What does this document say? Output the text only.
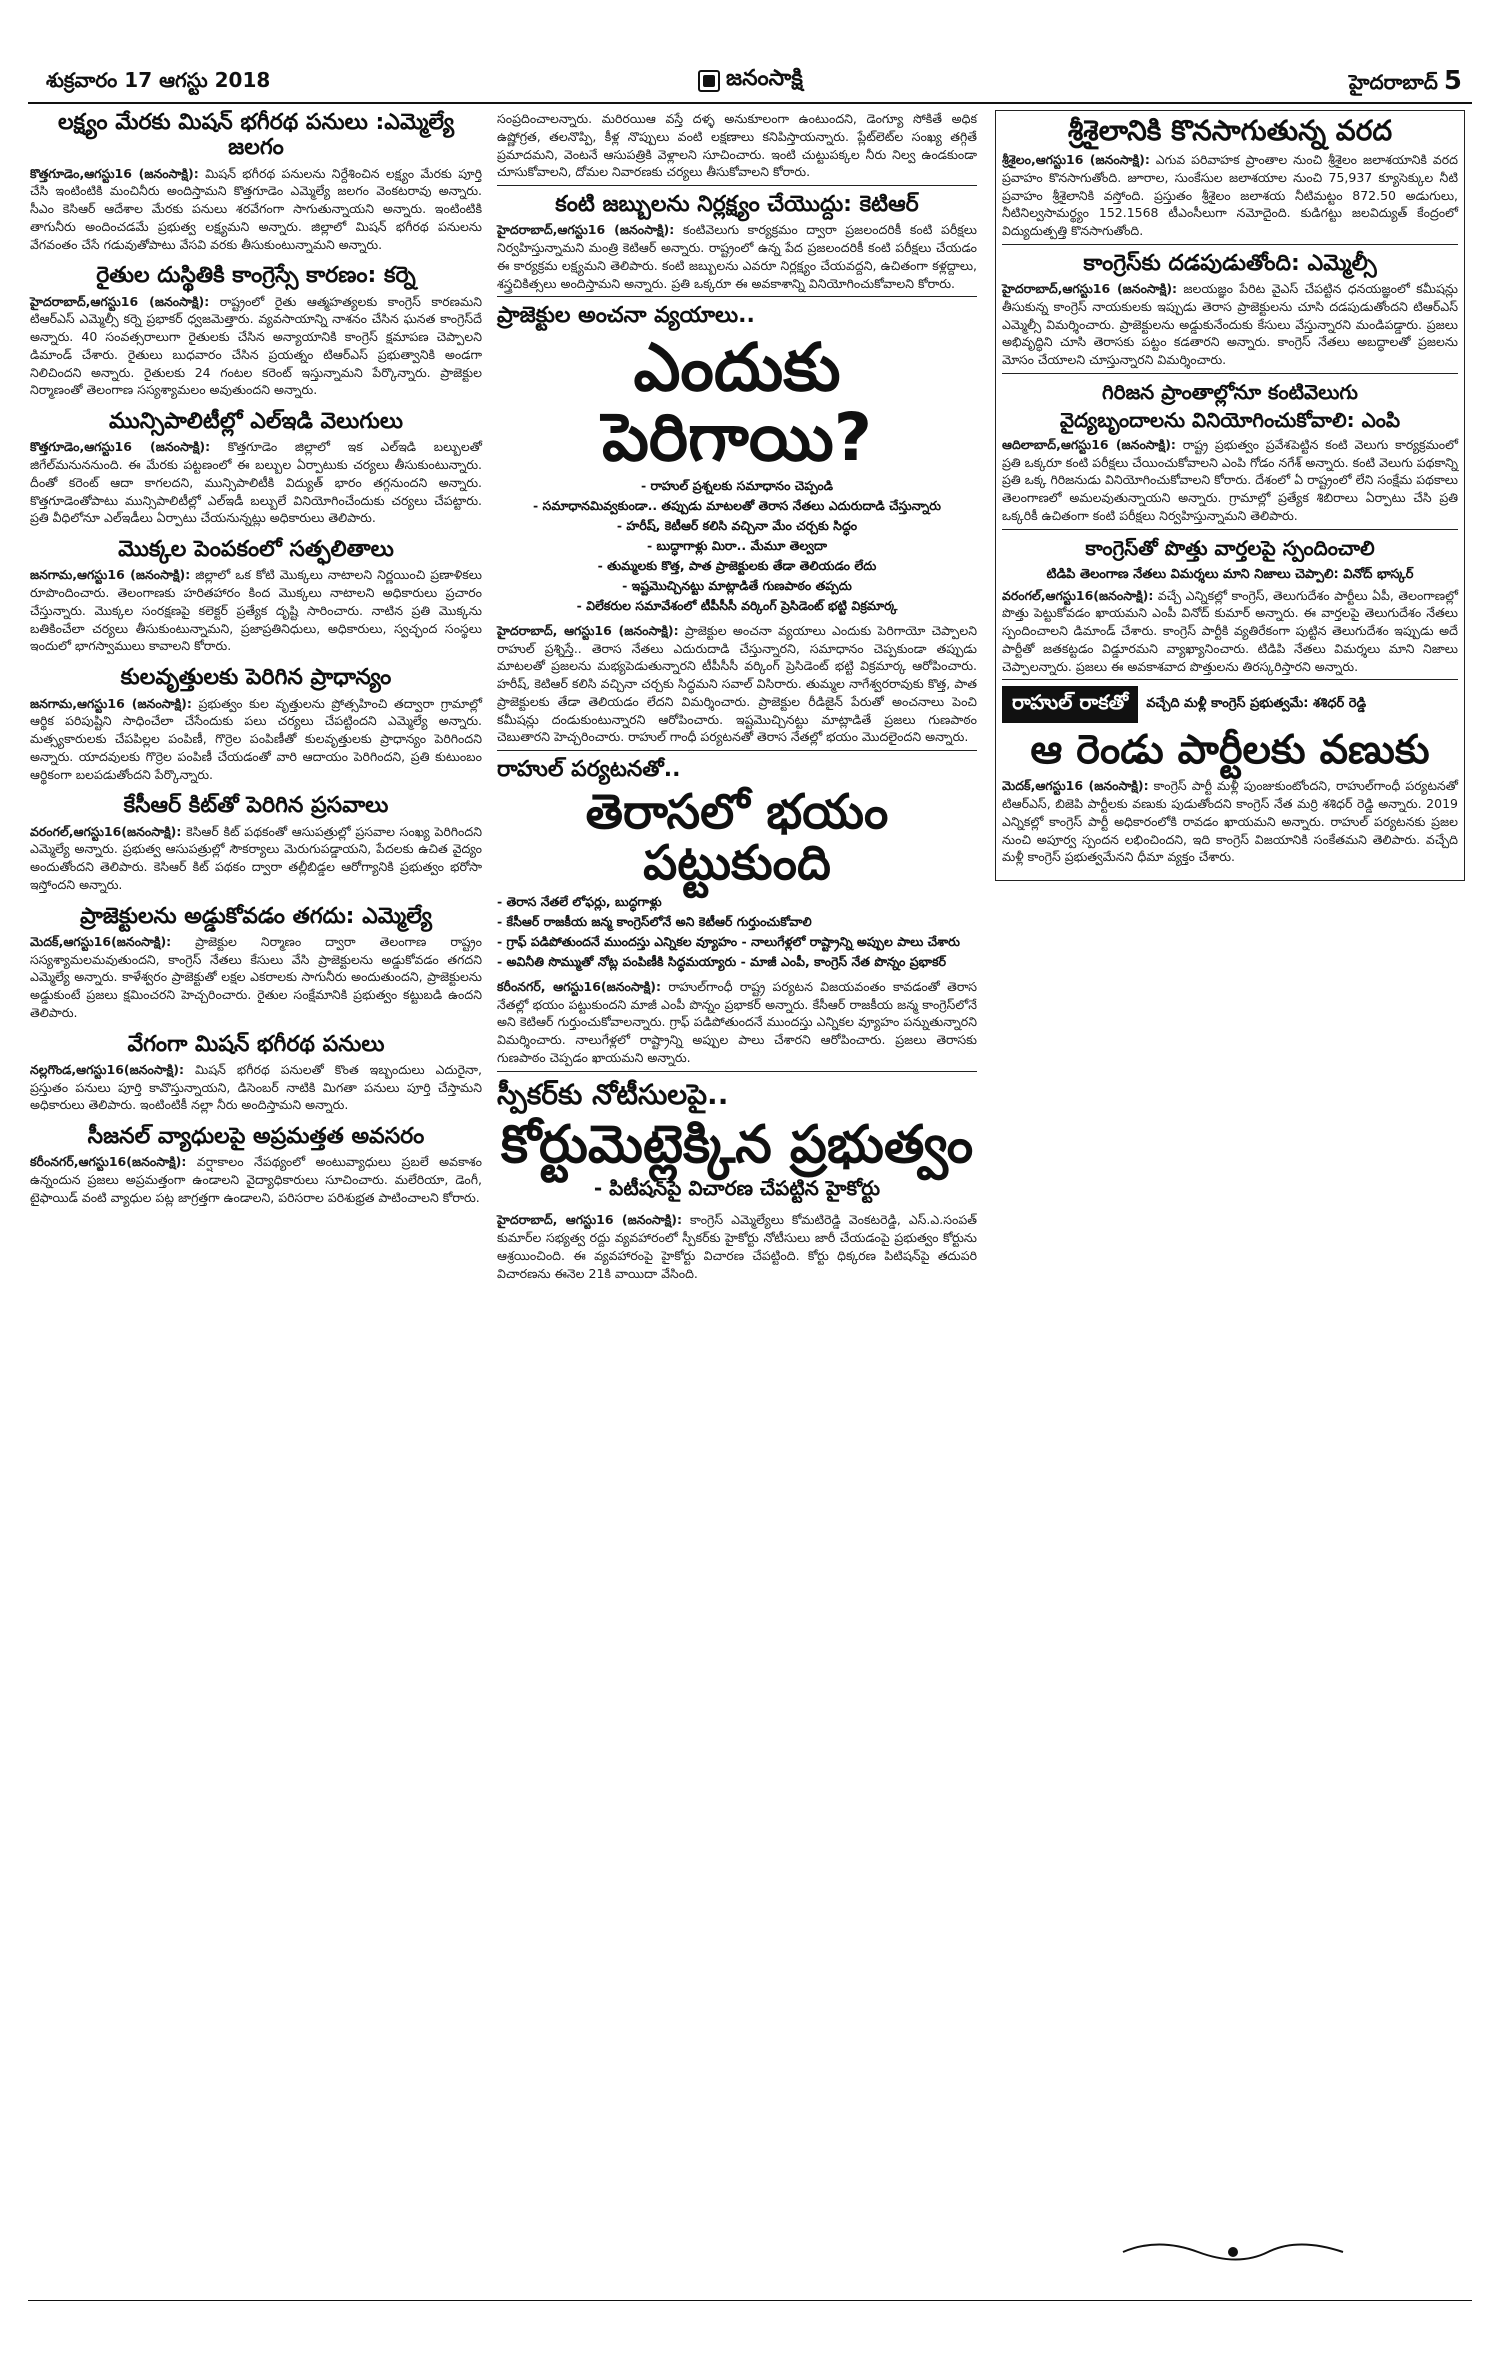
శుక్రవారం 17 ఆగస్టు 2018	జనంసాక్షి	హైదరాబాద్ 5
లక్ష్యం మేరకు మిషన్‌ భగీరథ పనులు :ఎమ్మెల్యే జలగం
కొత్తగూడెం,ఆగస్టు16 (జనంసాక్షి): మిషన్‌ భగీరథ పనులను నిర్దేశించిన లక్ష్యం మేరకు పూర్తి చేసి ఇంటింటికి మంచినీరు అందిస్తామని కొత్తగూడెం ఎమ్మెల్యే జలగం వెంకటరావు అన్నారు. సీఎం కెసిఆర్‌ ఆదేశాల మేరకు పనులు శరవేగంగా సాగుతున్నాయని అన్నారు. ఇంటింటికి తాగునీరు అందించడమే ప్రభుత్వ లక్ష్యమని అన్నారు. జిల్లాలో మిషన్‌ భగీరథ పనులను వేగవంతం చేసే గడువుతోపాటు వేసవి వరకు తీసుకుంటున్నామని అన్నారు.
రైతుల దుస్థితికి కాంగ్రెస్సే కారణం: కర్నె
హైదరాబాద్‌,ఆగస్టు16 (జనంసాక్షి): రాష్ట్రంలో రైతు ఆత్మహత్యలకు కాంగ్రెస్‌ కారణమని టిఆర్‌ఎస్‌ ఎమ్మెల్సీ కర్నె ప్రభాకర్‌ ధ్వజమెత్తారు. వ్యవసాయాన్ని నాశనం చేసిన ఘనత కాంగ్రెస్‌దే అన్నారు. 40 సంవత్సరాలుగా రైతులకు చేసిన అన్యాయానికి కాంగ్రెస్‌ క్షమాపణ చెప్పాలని డిమాండ్‌ చేశారు. రైతులు బుధవారం చేసిన ప్రయత్నం టిఆర్‌ఎస్‌ ప్రభుత్వానికి అండగా నిలిచిందని అన్నారు. రైతులకు 24 గంటల కరెంట్‌ ఇస్తున్నామని పేర్కొన్నారు. ప్రాజెక్టుల నిర్మాణంతో తెలంగాణ సస్యశ్యామలం అవుతుందని అన్నారు.
మున్సిపాలిటీల్లో ఎల్‌ఇడి వెలుగులు
కొత్తగూడెం,ఆగస్టు16 (జనంసాక్షి): కొత్తగూడెం జిల్లాలో ఇక ఎల్‌ఇడి బల్బులతో జిగేల్‌మనుననుంది. ఈ మేరకు పట్టణంలో ఈ బల్బుల ఏర్పాటుకు చర్యలు తీసుకుంటున్నారు. దీంతో కరెంట్‌ ఆదా కాగలదని, మున్సిపాలిటీకి విద్యుత్‌ భారం తగ్గనుందని అన్నారు. కొత్తగూడెంతోపాటు మున్సిపాలిటీల్లో ఎల్‌ఇడీ బల్బులే వినియోగించేందుకు చర్యలు చేపట్టారు. ప్రతి వీధిలోనూ ఎల్‌ఇడీలు ఏర్పాటు చేయనున్నట్లు అధికారులు తెలిపారు.
మొక్కల పెంపకంలో సత్ఫలితాలు
జనగామ,ఆగస్టు16 (జనంసాక్షి): జిల్లాలో ఒక కోటి మొక్కలు నాటాలని నిర్ణయించి ప్రణాళికలు రూపొందించారు. తెలంగాణకు హరితహారం కింద మొక్కలు నాటాలని అధికారులు ప్రచారం చేస్తున్నారు. మొక్కల సంరక్షణపై కలెక్టర్‌ ప్రత్యేక దృష్టి సారించారు. నాటిన ప్రతి మొక్కను బతికించేలా చర్యలు తీసుకుంటున్నామని, ప్రజాప్రతినిధులు, అధికారులు, స్వచ్ఛంద సంస్థలు ఇందులో భాగస్వాములు కావాలని కోరారు.
కులవృత్తులకు పెరిగిన ప్రాధాన్యం
జనగామ,ఆగస్టు16 (జనంసాక్షి): ప్రభుత్వం కుల వృత్తులను ప్రోత్సహించి తద్వారా గ్రామాల్లో ఆర్థిక పరిపుష్టిని సాధించేలా చేసేందుకు పలు చర్యలు చేపట్టిందని ఎమ్మెల్యే అన్నారు. మత్స్యకారులకు చేపపిల్లల పంపిణీ, గొర్రెల పంపిణీతో కులవృత్తులకు ప్రాధాన్యం పెరిగిందని అన్నారు. యాదవులకు గొర్రెల పంపిణీ చేయడంతో వారి ఆదాయం పెరిగిందని, ప్రతి కుటుంబం ఆర్థికంగా బలపడుతోందని పేర్కొన్నారు.
కేసీఆర్‌ కిట్‌తో పెరిగిన ప్రసవాలు
వరంగల్‌,ఆగస్టు16(జనంసాక్షి): కెసిఆర్‌ కిట్‌ పథకంతో ఆసుపత్రుల్లో ప్రసవాల సంఖ్య పెరిగిందని ఎమ్మెల్యే అన్నారు. ప్రభుత్వ ఆసుపత్రుల్లో సౌకర్యాలు మెరుగుపడ్డాయని, పేదలకు ఉచిత వైద్యం అందుతోందని తెలిపారు. కెసిఆర్‌ కిట్‌ పథకం ద్వారా తల్లీబిడ్డల ఆరోగ్యానికి ప్రభుత్వం భరోసా ఇస్తోందని అన్నారు.
ప్రాజెక్టులను అడ్డుకోవడం తగదు: ఎమ్మెల్యే
మెదక్‌,ఆగస్టు16(జనంసాక్షి): ప్రాజెక్టుల నిర్మాణం ద్వారా తెలంగాణ రాష్ట్రం సస్యశ్యామలమవుతుందని, కాంగ్రెస్‌ నేతలు కేసులు వేసి ప్రాజెక్టులను అడ్డుకోవడం తగదని ఎమ్మెల్యే అన్నారు. కాళేశ్వరం ప్రాజెక్టుతో లక్షల ఎకరాలకు సాగునీరు అందుతుందని, ప్రాజెక్టులను అడ్డుకుంటే ప్రజలు క్షమించరని హెచ్చరించారు. రైతుల సంక్షేమానికి ప్రభుత్వం కట్టుబడి ఉందని తెలిపారు.
వేగంగా మిషన్‌ భగీరథ పనులు
నల్లగొండ,ఆగస్టు16(జనంసాక్షి): మిషన్‌ భగీరథ పనులతో కొంత ఇబ్బందులు ఎదురైనా, ప్రస్తుతం పనులు పూర్తి కావొస్తున్నాయని, డిసెంబర్‌ నాటికి మిగతా పనులు పూర్తి చేస్తామని అధికారులు తెలిపారు. ఇంటింటికీ నల్లా నీరు అందిస్తామని అన్నారు.
సీజనల్‌ వ్యాధులపై అప్రమత్తత అవసరం
కరీంనగర్‌,ఆగస్టు16(జనంసాక్షి): వర్షాకాలం నేపథ్యంలో అంటువ్యాధులు ప్రబలే అవకాశం ఉన్నందున ప్రజలు అప్రమత్తంగా ఉండాలని వైద్యాధికారులు సూచించారు. మలేరియా, డెంగీ, టైఫాయిడ్‌ వంటి వ్యాధుల పట్ల జాగ్రత్తగా ఉండాలని, పరిసరాల పరిశుభ్రత పాటించాలని కోరారు.
సంప్రదించాలన్నారు. మరిరయిఆ వస్తే దళ్ళ అనుకూలంగా ఉంటుందని, డెంగ్యూ సోకితే అధిక ఉష్ణోగ్రత, తలనొప్పి, కీళ్ల నొప్పులు వంటి లక్షణాలు కనిపిస్తాయన్నారు. ప్లేట్‌లెట్‌ల సంఖ్య తగ్గితే ప్రమాదమని, వెంటనే ఆసుపత్రికి వెళ్లాలని సూచించారు. ఇంటి చుట్టుపక్కల నీరు నిల్వ ఉండకుండా చూసుకోవాలని, దోమల నివారణకు చర్యలు తీసుకోవాలని కోరారు.
కంటి జబ్బులను నిర్లక్ష్యం చేయొద్దు: కెటిఆర్‌
హైదరాబాద్‌,ఆగస్టు16 (జనంసాక్షి): కంటివెలుగు కార్యక్రమం ద్వారా ప్రజలందరికీ కంటి పరీక్షలు నిర్వహిస్తున్నామని మంత్రి కెటిఆర్‌ అన్నారు. రాష్ట్రంలో ఉన్న పేద ప్రజలందరికీ కంటి పరీక్షలు చేయడం ఈ కార్యక్రమ లక్ష్యమని తెలిపారు. కంటి జబ్బులను ఎవరూ నిర్లక్ష్యం చేయవద్దని, ఉచితంగా కళ్లద్దాలు, శస్త్రచికిత్సలు అందిస్తామని అన్నారు. ప్రతి ఒక్కరూ ఈ అవకాశాన్ని వినియోగించుకోవాలని కోరారు.
ప్రాజెక్టుల అంచనా వ్యయాలు..
ఎందుకు పెరిగాయి?
- రాహుల్‌ ప్రశ్నలకు సమాధానం చెప్పండి
- సమాధానమివ్వకుండా.. తప్పుడు మాటలతో తెరాస నేతలు ఎదురుదాడి చేస్తున్నారు
- హరీష్‌, కెటీఆర్‌ కలిసి వచ్చినా మేం చర్చకు సిద్ధం
- బుద్ధాగాళ్లు మిరా.. మేమూ తెల్వదా
- తుమ్మలకు కొత్త, పాత ప్రాజెక్టులకు తేడా తెలియడం లేదు
- ఇష్టమొచ్చినట్టు మాట్లాడితే గుణపాఠం తప్పదు
- విలేకరుల సమావేశంలో టీపీసీసీ వర్కింగ్‌ ప్రెసిడెంట్‌ భట్టి విక్రమార్క
హైదరాబాద్‌, ఆగస్టు16 (జనంసాక్షి): ప్రాజెక్టుల అంచనా వ్యయాలు ఎందుకు పెరిగాయో చెప్పాలని రాహుల్‌ ప్రశ్నిస్తే.. తెరాస నేతలు ఎదురుదాడి చేస్తున్నారని, సమాధానం చెప్పకుండా తప్పుడు మాటలతో ప్రజలను మభ్యపెడుతున్నారని టీపీసీసీ వర్కింగ్‌ ప్రెసిడెంట్‌ భట్టి విక్రమార్క ఆరోపించారు. హరీష్‌, కెటిఆర్‌ కలిసి వచ్చినా చర్చకు సిద్ధమని సవాల్‌ విసిరారు. తుమ్మల నాగేశ్వరరావుకు కొత్త, పాత ప్రాజెక్టులకు తేడా తెలియడం లేదని విమర్శించారు. ప్రాజెక్టుల రీడిజైన్‌ పేరుతో అంచనాలు పెంచి కమీషన్లు దండుకుంటున్నారని ఆరోపించారు. ఇష్టమొచ్చినట్టు మాట్లాడితే ప్రజలు గుణపాఠం చెబుతారని హెచ్చరించారు. రాహుల్‌ గాంధీ పర్యటనతో తెరాస నేతల్లో భయం మొదలైందని అన్నారు.
రాహుల్‌ పర్యటనతో..
తెరాసలో భయం పట్టుకుంది
- తెరాస నేతలే లోఫర్లు, బుద్ధగాళ్లు
- కేసీఆర్‌ రాజకీయ జన్మ కాంగ్రెస్‌లోనే అని కెటీఆర్‌ గుర్తుంచుకోవాలి
- గ్రాఫ్‌ పడిపోతుందనే ముందస్తు ఎన్నికల వ్యూహం - నాలుగేళ్లలో రాష్ట్రాన్ని అప్పుల పాలు చేశారు
- అవినీతి సొమ్ముతో నోట్ల పంపిణీకి సిద్ధమయ్యారు - మాజీ ఎంపీ, కాంగ్రెస్‌ నేత పొన్నం ప్రభాకర్‌
కరీంనగర్‌, ఆగస్టు16(జనంసాక్షి): రాహుల్‌గాంధీ రాష్ట్ర పర్యటన విజయవంతం కావడంతో తెరాస నేతల్లో భయం పట్టుకుందని మాజీ ఎంపీ పొన్నం ప్రభాకర్‌ అన్నారు. కేసీఆర్‌ రాజకీయ జన్మ కాంగ్రెస్‌లోనే అని కెటిఆర్‌ గుర్తుంచుకోవాలన్నారు. గ్రాఫ్‌ పడిపోతుందనే ముందస్తు ఎన్నికల వ్యూహం పన్నుతున్నారని విమర్శించారు. నాలుగేళ్లలో రాష్ట్రాన్ని అప్పుల పాలు చేశారని ఆరోపించారు. ప్రజలు తెరాసకు గుణపాఠం చెప్పడం ఖాయమని అన్నారు.
స్పీకర్‌కు నోటీసులపై..
కోర్టుమెట్లెక్కిన ప్రభుత్వం
- పిటీషన్‌పై విచారణ చేపట్టిన హైకోర్టు
హైదరాబాద్‌, ఆగస్టు16 (జనంసాక్షి): కాంగ్రెస్‌ ఎమ్మెల్యేలు కోమటిరెడ్డి వెంకటరెడ్డి, ఎస్‌.ఎ.సంపత్‌ కుమార్‌ల సభ్యత్వ రద్దు వ్యవహారంలో స్పీకర్‌కు హైకోర్టు నోటీసులు జారీ చేయడంపై ప్రభుత్వం కోర్టును ఆశ్రయించింది. ఈ వ్యవహారంపై హైకోర్టు విచారణ చేపట్టింది. కోర్టు ధిక్కరణ పిటిషన్‌పై తదుపరి విచారణను ఈనెల 21కి వాయిదా వేసింది.
శ్రీశైలానికి కొనసాగుతున్న వరద
శ్రీశైలం,ఆగస్టు16 (జనంసాక్షి): ఎగువ పరివాహక ప్రాంతాల నుంచి శ్రీశైలం జలాశయానికి వరద ప్రవాహం కొనసాగుతోంది. జూరాల, సుంకేసుల జలాశయాల నుంచి 75,937 క్యూసెక్కుల నీటి ప్రవాహం శ్రీశైలానికి వస్తోంది. ప్రస్తుతం శ్రీశైలం జలాశయ నీటిమట్టం 872.50 అడుగులు, నీటినిల్వసామర్థ్యం 152.1568 టీఎంసీలుగా నమోదైంది. కుడిగట్టు జలవిద్యుత్‌ కేంద్రంలో విద్యుదుత్పత్తి కొనసాగుతోంది.
కాంగ్రెస్‌కు దడపుడుతోంది: ఎమ్మెల్సీ
హైదరాబాద్‌,ఆగస్టు16 (జనంసాక్షి): జలయజ్ఞం పేరిట వైఎస్‌ చేపట్టిన ధనయజ్ఞంలో కమీషన్లు తీసుకున్న కాంగ్రెస్‌ నాయకులకు ఇప్పుడు తెరాస ప్రాజెక్టులను చూసి దడపుడుతోందని టిఆర్‌ఎస్‌ ఎమ్మెల్సీ విమర్శించారు. ప్రాజెక్టులను అడ్డుకునేందుకు కేసులు వేస్తున్నారని మండిపడ్డారు. ప్రజలు అభివృద్ధిని చూసి తెరాసకు పట్టం కడతారని అన్నారు. కాంగ్రెస్‌ నేతలు అబద్ధాలతో ప్రజలను మోసం చేయాలని చూస్తున్నారని విమర్శించారు.
గిరిజన ప్రాంతాల్లోనూ కంటివెలుగు
వైద్యబృందాలను వినియోగించుకోవాలి: ఎంపి
ఆదిలాబాద్‌,ఆగస్టు16 (జనంసాక్షి): రాష్ట్ర ప్రభుత్వం ప్రవేశపెట్టిన కంటి వెలుగు కార్యక్రమంలో ప్రతి ఒక్కరూ కంటి పరీక్షలు చేయించుకోవాలని ఎంపి గోడం నగేశ్‌ అన్నారు. కంటి వెలుగు పథకాన్ని ప్రతి ఒక్క గిరిజనుడు వినియోగించుకోవాలని కోరారు. దేశంలో ఏ రాష్ట్రంలో లేని సంక్షేమ పథకాలు తెలంగాణలో అమలవుతున్నాయని అన్నారు. గ్రామాల్లో ప్రత్యేక శిబిరాలు ఏర్పాటు చేసి ప్రతి ఒక్కరికీ ఉచితంగా కంటి పరీక్షలు నిర్వహిస్తున్నామని తెలిపారు.
కాంగ్రెస్‌తో పొత్తు వార్తలపై స్పందించాలి
టిడిపి తెలంగాణ నేతలు విమర్శలు మాని నిజాలు చెప్పాలి: వినోద్‌ భాస్కర్‌
వరంగల్‌,ఆగస్టు16(జనంసాక్షి): వచ్చే ఎన్నికల్లో కాంగ్రెస్‌, తెలుగుదేశం పార్టీలు ఏపీ, తెలంగాణల్లో పొత్తు పెట్టుకోవడం ఖాయమని ఎంపీ వినోద్‌ కుమార్‌ అన్నారు. ఈ వార్తలపై తెలుగుదేశం నేతలు స్పందించాలని డిమాండ్‌ చేశారు. కాంగ్రెస్‌ పార్టీకి వ్యతిరేకంగా పుట్టిన తెలుగుదేశం ఇప్పుడు అదే పార్టీతో జతకట్టడం విడ్డూరమని వ్యాఖ్యానించారు. టిడిపి నేతలు విమర్శలు మాని నిజాలు చెప్పాలన్నారు. ప్రజలు ఈ అవకాశవాద పొత్తులను తిరస్కరిస్తారని అన్నారు.
రాహుల్‌ రాకతో	వచ్చేది మళ్లీ కాంగ్రెస్‌ ప్రభుత్వమే: శశిధర్‌ రెడ్డి
ఆ రెండు పార్టీలకు వణుకు
మెదక్‌,ఆగస్టు16 (జనంసాక్షి): కాంగ్రెస్‌ పార్టీ మళ్లీ పుంజుకుంటోందని, రాహుల్‌గాంధీ పర్యటనతో టిఆర్‌ఎస్‌, బిజెపి పార్టీలకు వణుకు పుడుతోందని కాంగ్రెస్‌ నేత మర్రి శశిధర్‌ రెడ్డి అన్నారు. 2019 ఎన్నికల్లో కాంగ్రెస్‌ పార్టీ అధికారంలోకి రావడం ఖాయమని అన్నారు. రాహుల్‌ పర్యటనకు ప్రజల నుంచి అపూర్వ స్పందన లభించిందని, ఇది కాంగ్రెస్‌ విజయానికి సంకేతమని తెలిపారు. వచ్చేది మళ్లీ కాంగ్రెస్‌ ప్రభుత్వమేనని ధీమా వ్యక్తం చేశారు.
